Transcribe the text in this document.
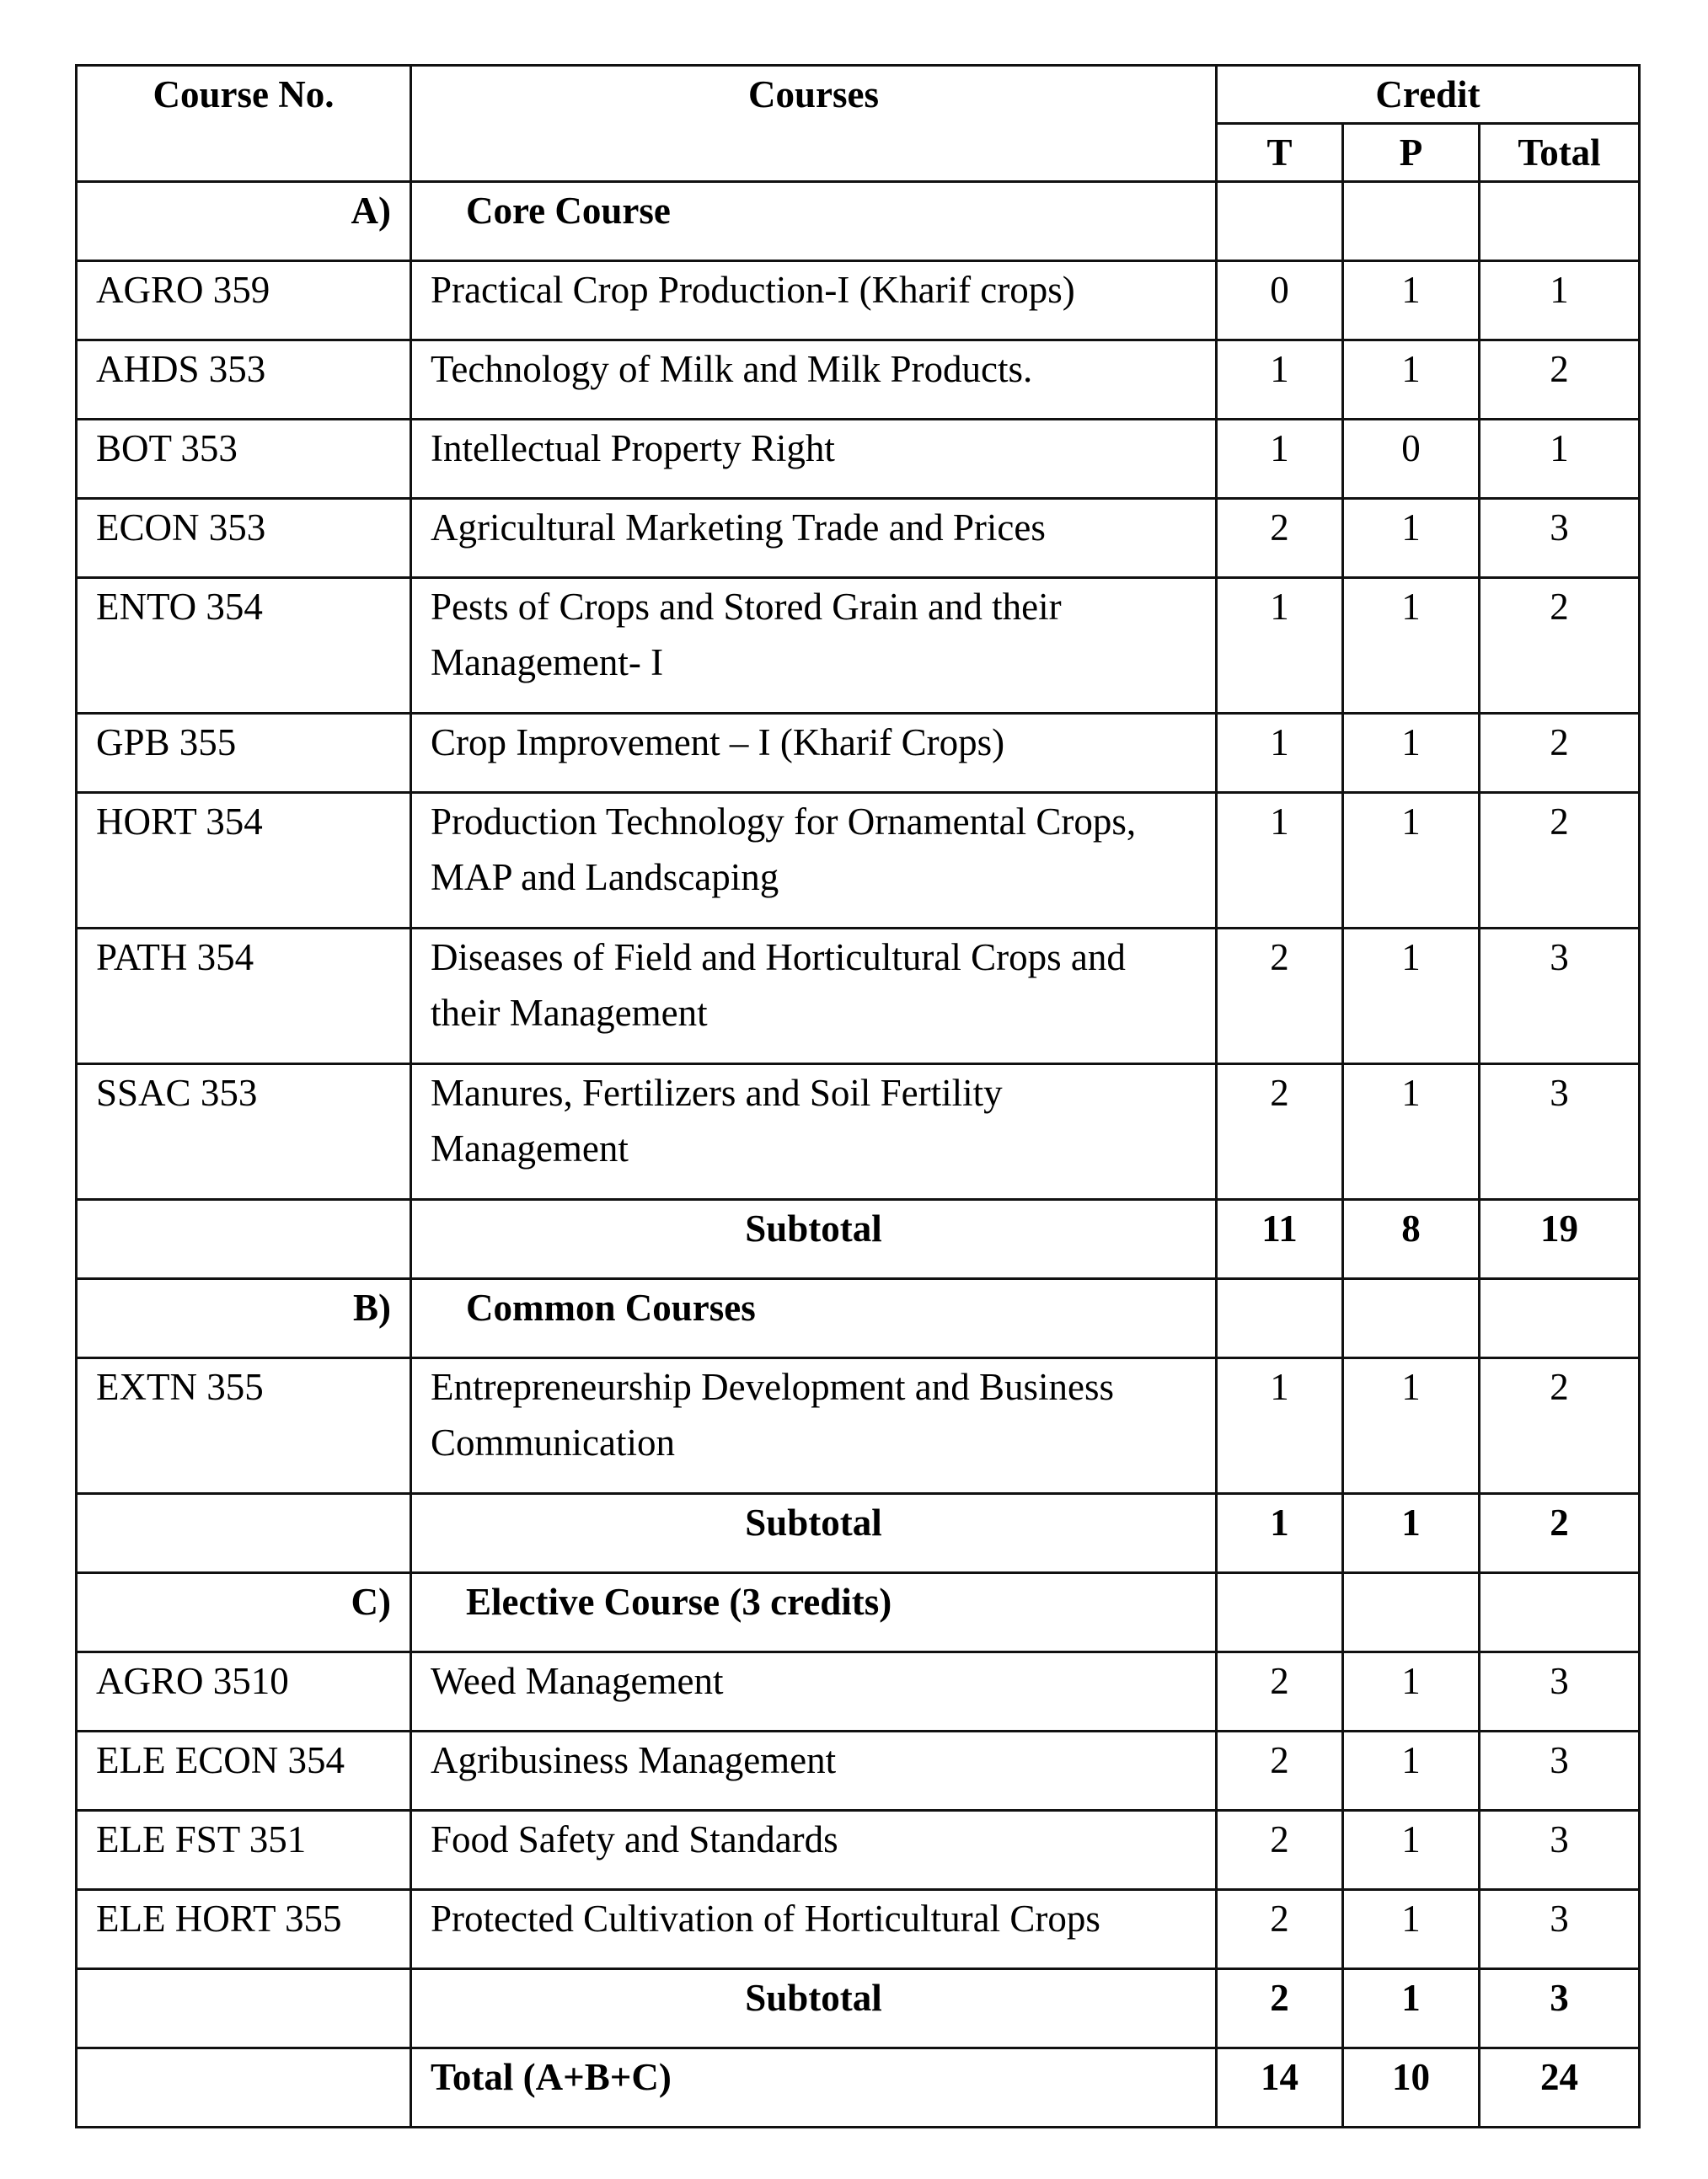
Course No.	Courses	Credit		
		T	P	Total
A)	Core Course			
AGRO 359	Practical Crop Production-I (Kharif crops)	0	1	1
AHDS 353	Technology of Milk and Milk Products.	1	1	2
BOT 353	Intellectual Property Right	1	0	1
ECON 353	Agricultural Marketing Trade and Prices	2	1	3
ENTO 354	Pests of Crops and Stored Grain and their Management- I	1	1	2
GPB 355	Crop Improvement – I (Kharif Crops)	1	1	2
HORT 354	Production Technology for Ornamental Crops, MAP and Landscaping	1	1	2
PATH 354	Diseases of Field and Horticultural Crops and their Management	2	1	3
SSAC 353	Manures, Fertilizers and Soil Fertility Management	2	1	3
	Subtotal	11	8	19
B)	Common Courses			
EXTN 355	Entrepreneurship Development and Business Communication	1	1	2
	Subtotal	1	1	2
C)	Elective Course (3 credits)			
AGRO 3510	Weed Management	2	1	3
ELE ECON 354	Agribusiness Management	2	1	3
ELE FST 351	Food Safety and Standards	2	1	3
ELE HORT 355	Protected Cultivation of Horticultural Crops	2	1	3
	Subtotal	2	1	3
	Total (A+B+C)	14	10	24
